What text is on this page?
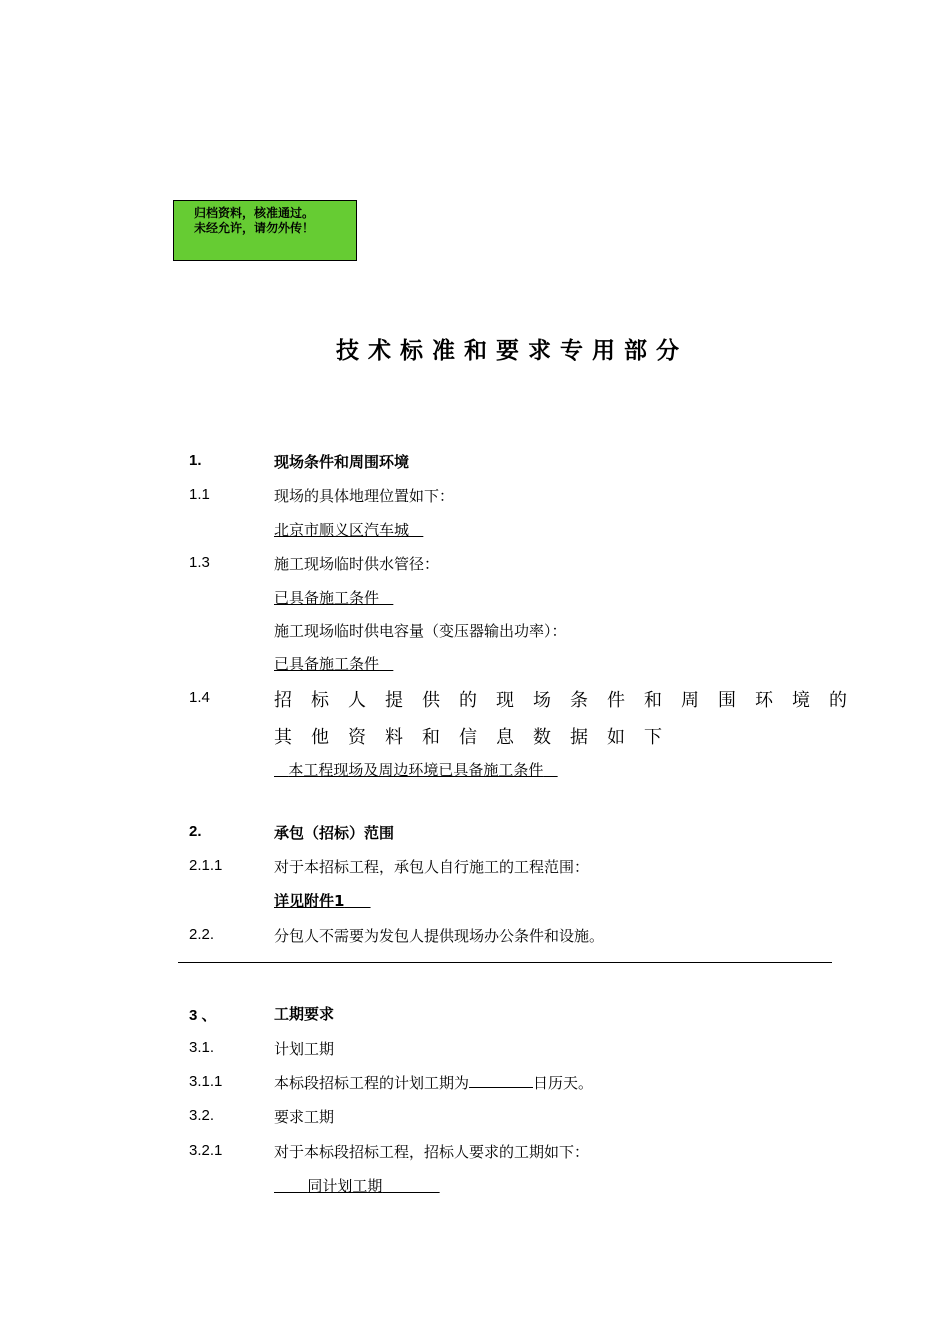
归档资料，核准通过。
未经允许，请勿外传！
技术标准和要求专用部分
1.	现场条件和周围环境
1.1	现场的具体地理位置如下：
北京市顺义区汽车城
1.3	施工现场临时供水管径：
已具备施工条件
施工现场临时供电容量（变压器输出功率）：
已具备施工条件
1.4	招标人提供的现场条件和周围环境的
其他资料和信息数据如下
本工程现场及周边环境已具备施工条件
2.	承包（招标）范围
2.1.1	对于本招标工程，承包人自行施工的工程范围：
详见附件1
2.2.	分包人不需要为发包人提供现场办公条件和设施。
3 、	工期要求
3.1.	计划工期
3.1.1	本标段招标工程的计划工期为	日历天。
3.2.	要求工期
3.2.1	对于本标段招标工程，招标人要求的工期如下：
同计划工期
